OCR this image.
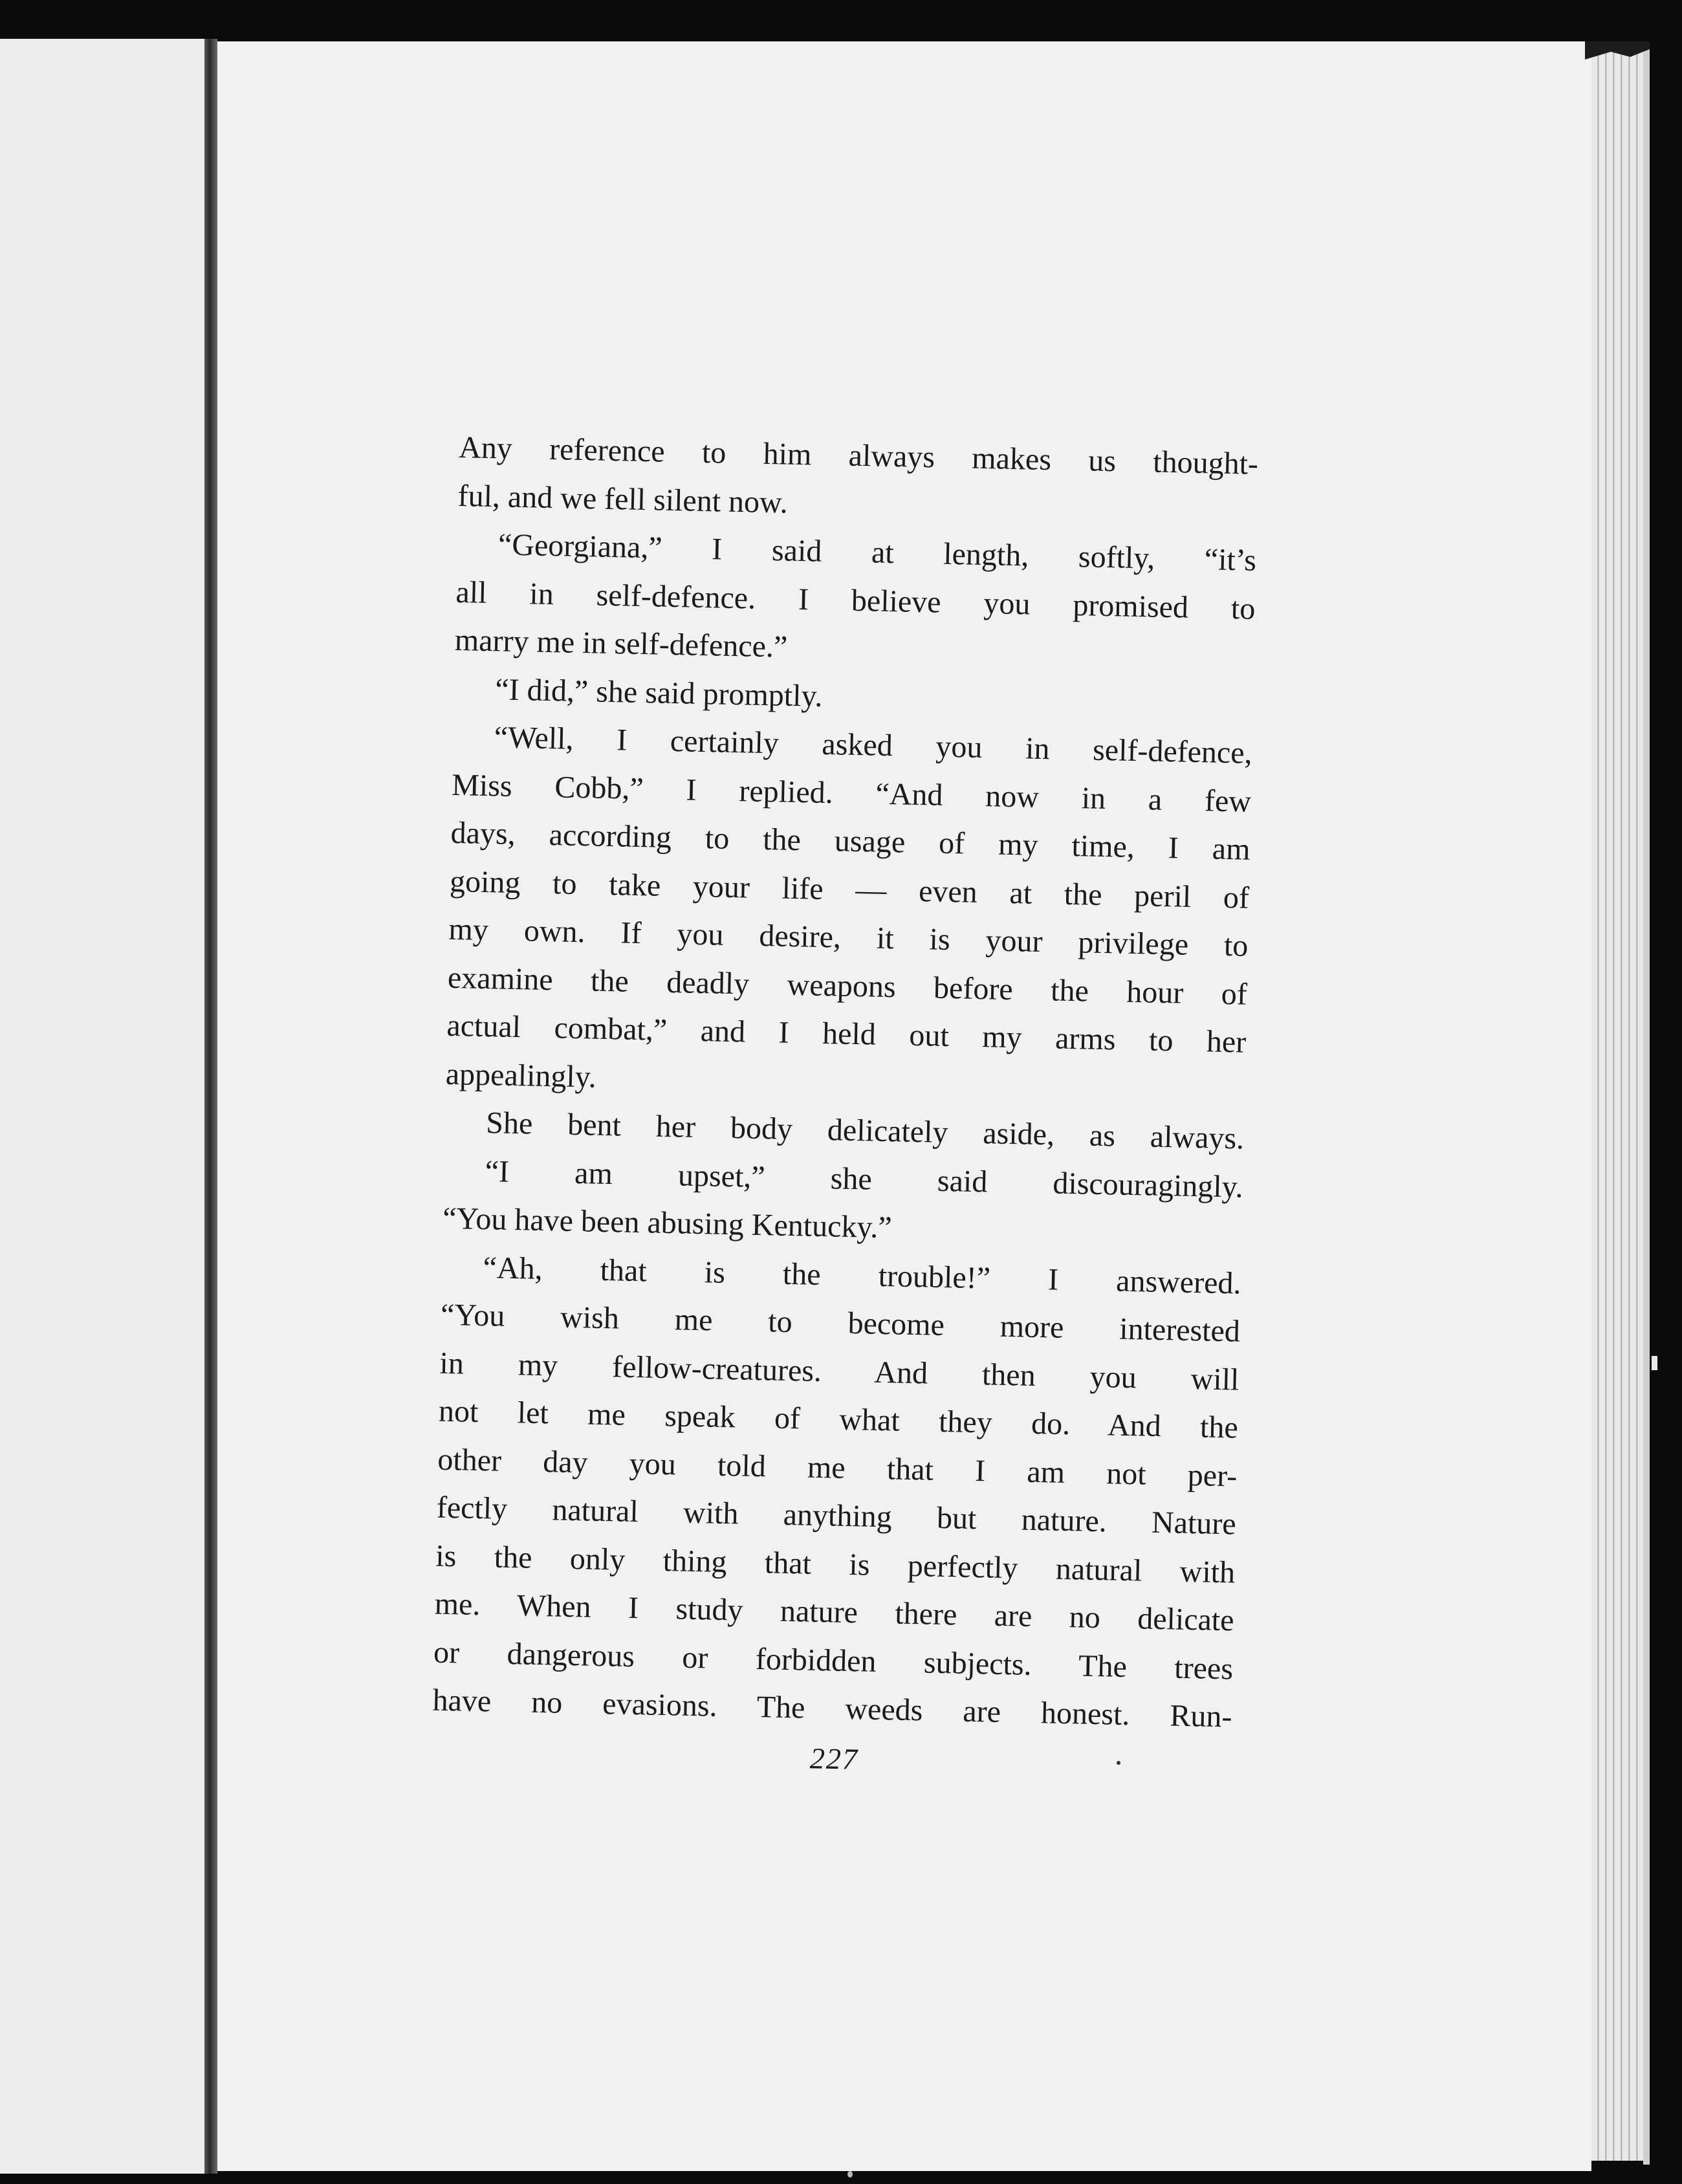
Any reference to him always makes us thought-
ful, and we fell silent now.
“Georgiana,” I said at length, softly, “it’s
all in self-defence. I believe you promised to
marry me in self-defence.”
“I did,” she said promptly.
“Well, I certainly asked you in self-defence,
Miss Cobb,” I replied. “And now in a few
days, according to the usage of my time, I am
going to take your life — even at the peril of
my own. If you desire, it is your privilege to
examine the deadly weapons before the hour of
actual combat,” and I held out my arms to her
appealingly.
She bent her body delicately aside, as always.
“I am upset,” she said discouragingly.
“You have been abusing Kentucky.”
“Ah, that is the trouble!” I answered.
“You wish me to become more interested
in my fellow-creatures. And then you will
not let me speak of what they do. And the
other day you told me that I am not per-
fectly natural with anything but nature. Nature
is the only thing that is perfectly natural with
me. When I study nature there are no delicate
or dangerous or forbidden subjects. The trees
have no evasions. The weeds are honest. Run-
227
